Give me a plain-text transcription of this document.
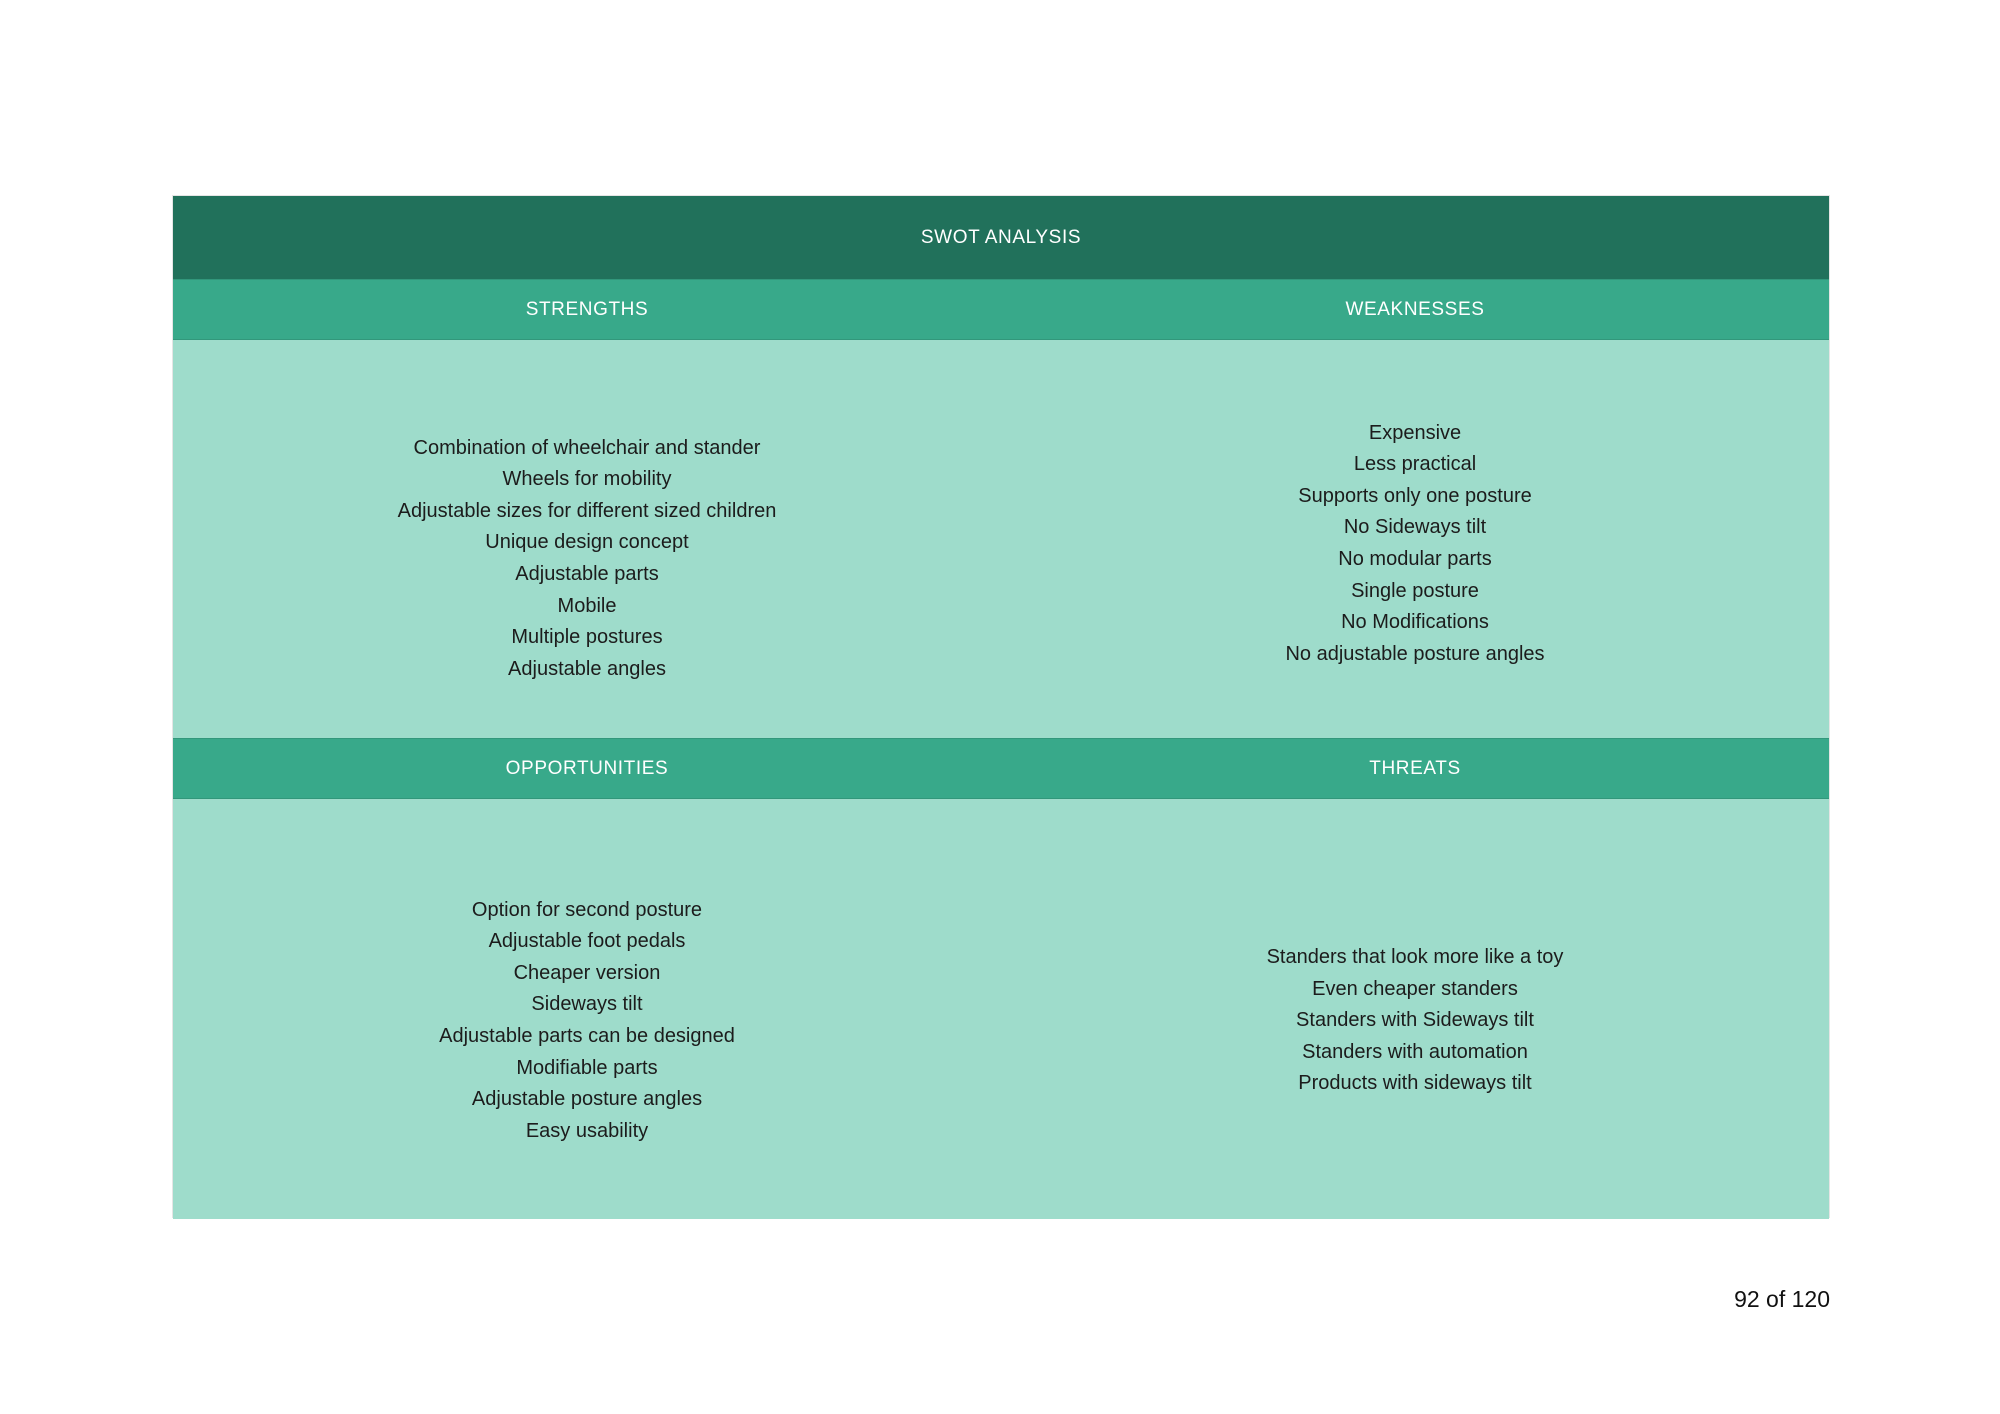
SWOT ANALYSIS
STRENGTHS	WEAKNESSES
Combination of wheelchair and stander
Wheels for mobility
Adjustable sizes for different sized children
Unique design concept
Adjustable parts
Mobile
Multiple postures
Adjustable angles
Expensive
Less practical
Supports only one posture
No Sideways tilt
No modular parts
Single posture
No Modifications
No adjustable posture angles
OPPORTUNITIES	THREATS
Option for second posture
Adjustable foot pedals
Cheaper version
Sideways tilt
Adjustable parts can be designed
Modifiable parts
Adjustable posture angles
Easy usability
Standers that look more like a toy
Even cheaper standers
Standers with Sideways tilt
Standers with automation
Products with sideways tilt
92 of 120
